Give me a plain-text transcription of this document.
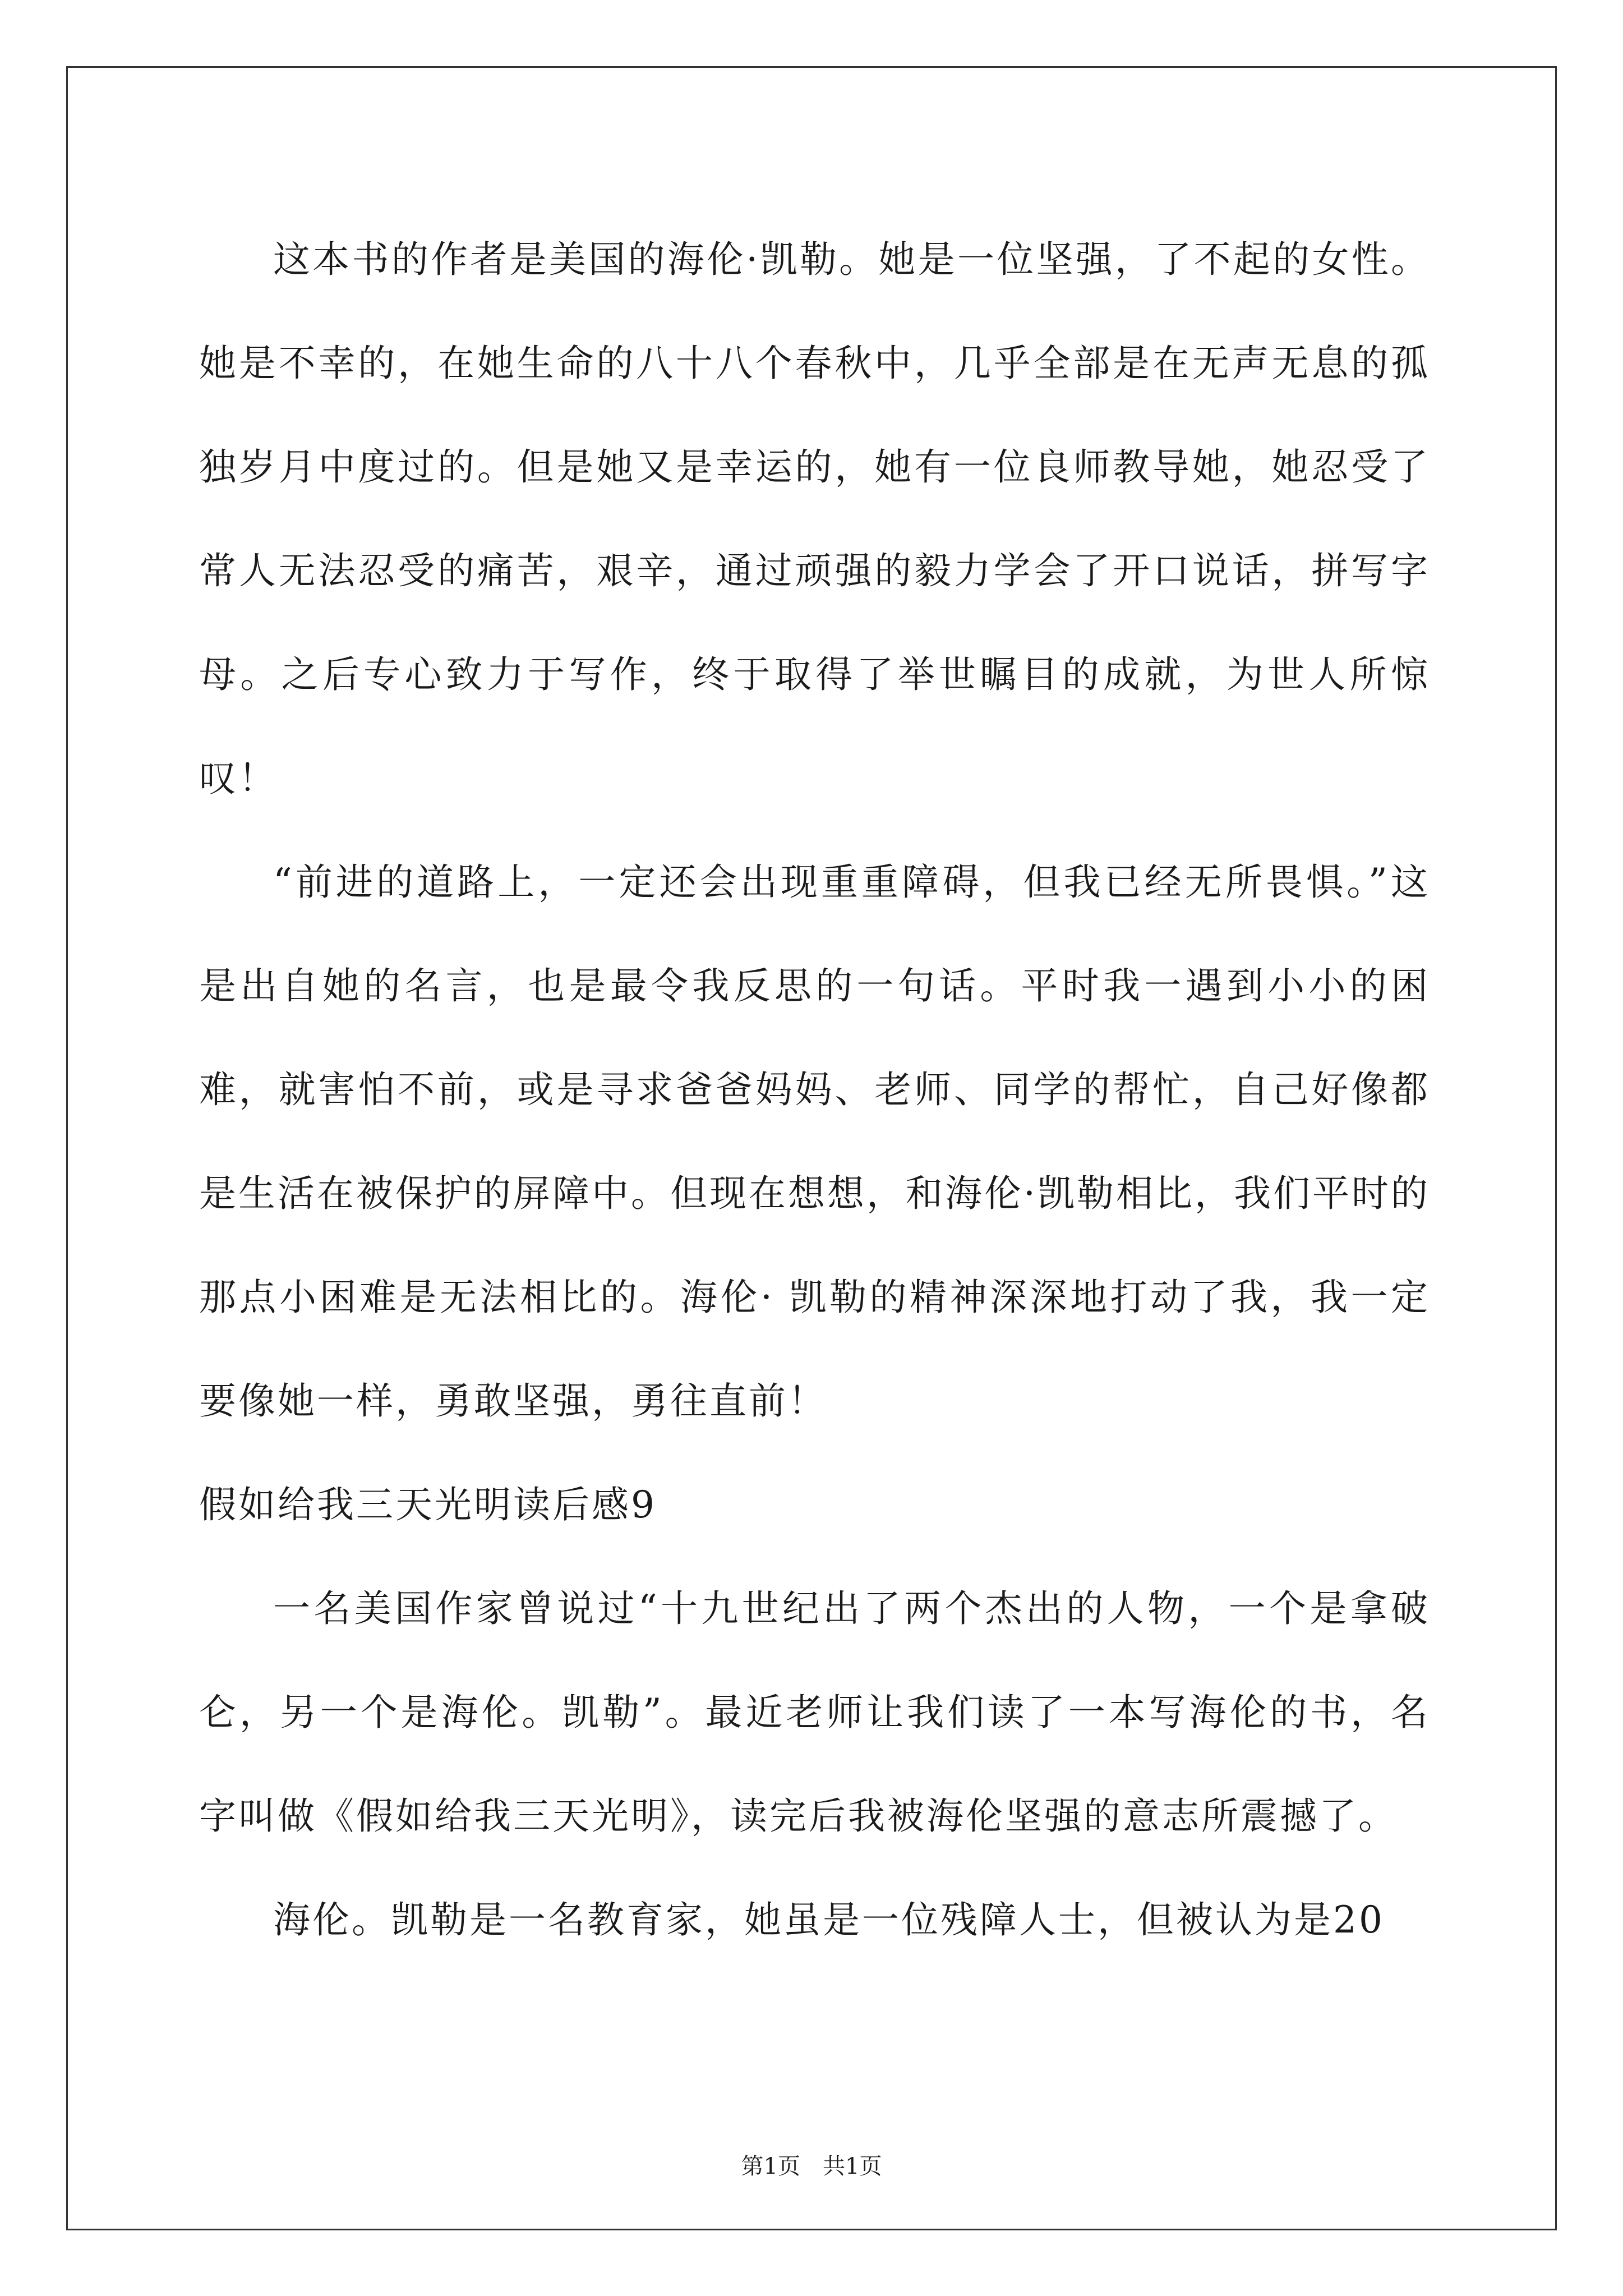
这本书的作者是美国的海伦·凯勒。她是一位坚强，了不起的女性。她是不幸的，在她生命的八十八个春秋中，几乎全部是在无声无息的孤独岁月中度过的。但是她又是幸运的，她有一位良师教导她，她忍受了常人无法忍受的痛苦，艰辛，通过顽强的毅力学会了开口说话，拼写字母。之后专心致力于写作，终于取得了举世瞩目的成就，为世人所惊叹！

“前进的道路上，一定还会出现重重障碍，但我已经无所畏惧。”这是出自她的名言，也是最令我反思的一句话。平时我一遇到小小的困难，就害怕不前，或是寻求爸爸妈妈、老师、同学的帮忙，自己好像都是生活在被保护的屏障中。但现在想想，和海伦·凯勒相比，我们平时的那点小困难是无法相比的。海伦· 凯勒的精神深深地打动了我，我一定要像她一样，勇敢坚强，勇往直前！

假如给我三天光明读后感9

一名美国作家曾说过“十九世纪出了两个杰出的人物，一个是拿破仑，另一个是海伦。凯勒”。最近老师让我们读了一本写海伦的书，名字叫做《假如给我三天光明》，读完后我被海伦坚强的意志所震撼了。

海伦。凯勒是一名教育家，她虽是一位残障人士，但被认为是20

第1页　共1页
